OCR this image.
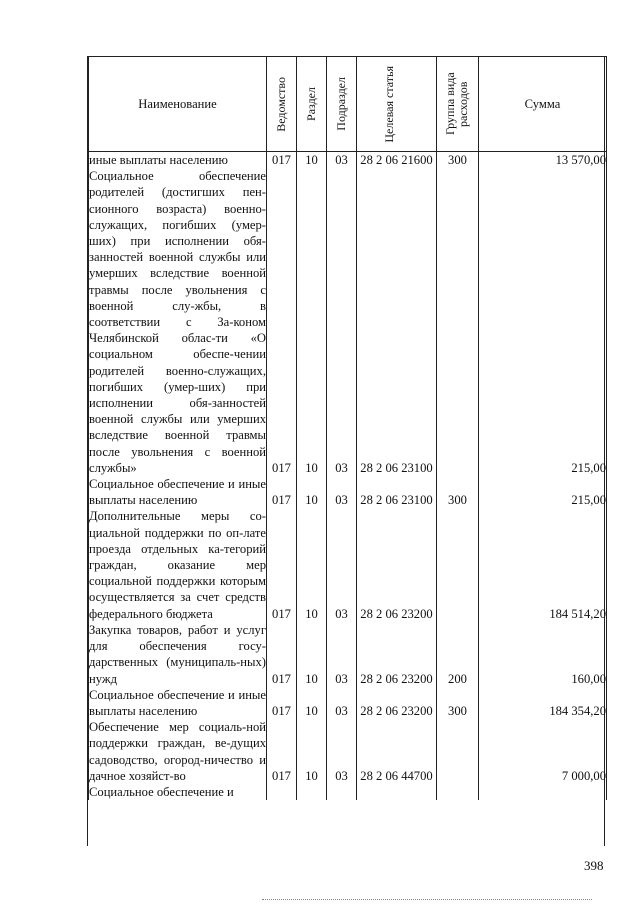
Наименование	Ведомство	Раздел	Подраздел	Целевая статья	Группа вида расходов	Сумма
иные выплаты населению	017	10	03	28 2 06 21600	300	13 570,00
Социальное обеспечение родителей (достигших пен-сионного возраста) военно-служащих, погибших (умер-ших) при исполнении обя-занностей военной службы или умерших вследствие военной травмы после увольнения с военной слу-жбы, в соответствии с За-коном Челябинской облас-ти «О социальном обеспе-чении родителей военно-служащих, погибших (умер-ших) при исполнении обя-занностей военной службы или умерших вследствие военной травмы после увольнения с военной службы»	017	10	03	28 2 06 23100		215,00
Социальное обеспечение и иные выплаты населению	017	10	03	28 2 06 23100	300	215,00
Дополнительные меры со-циальной поддержки по оп-лате проезда отдельных ка-тегорий граждан, оказание мер социальной поддержки которым осуществляется за счет средств федерального бюджета	017	10	03	28 2 06 23200		184 514,20
Закупка товаров, работ и услуг для обеспечения госу-дарственных (муниципаль-ных) нужд	017	10	03	28 2 06 23200	200	160,00
Социальное обеспечение и иные выплаты населению	017	10	03	28 2 06 23200	300	184 354,20
Обеспечение мер социаль-ной поддержки граждан, ве-дущих садоводство, огород-ничество и дачное хозяйст-во	017	10	03	28 2 06 44700		7 000,00
Социальное обеспечение и						
398
